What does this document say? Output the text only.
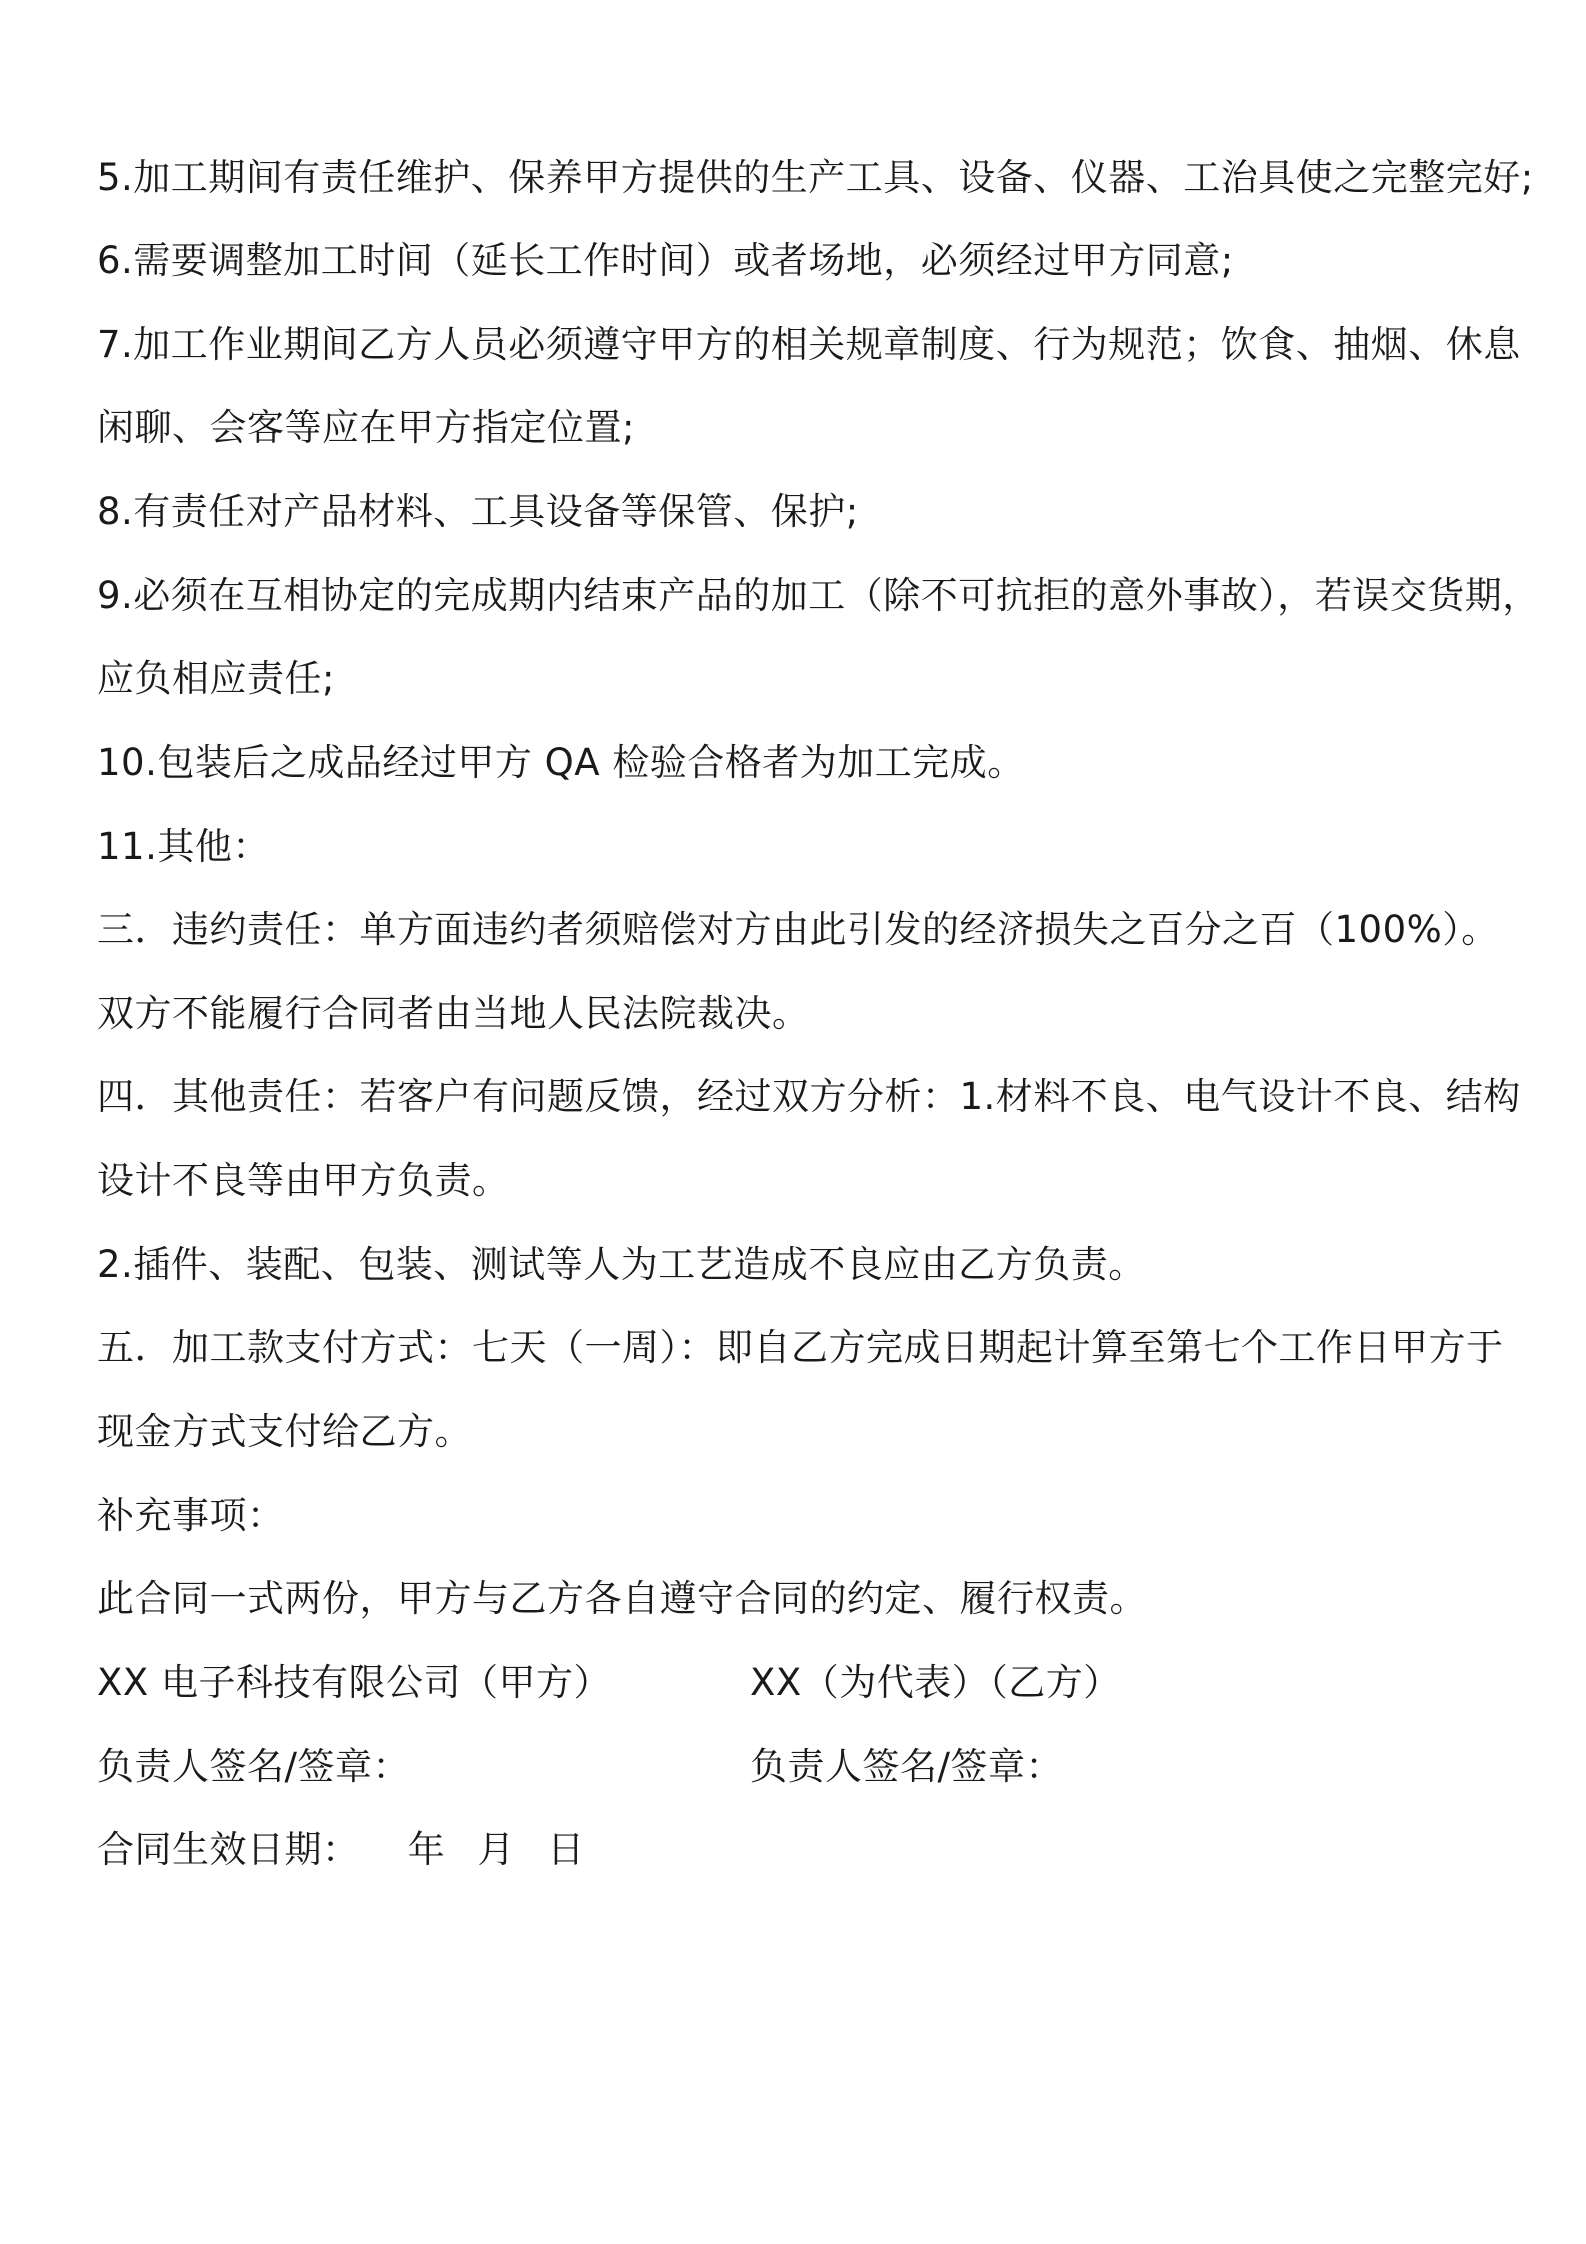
5.加工期间有责任维护、保养甲方提供的生产工具、设备、仪器、工治具使之完整完好;
6.需要调整加工时间（延长工作时间）或者场地，必须经过甲方同意;
7.加工作业期间乙方人员必须遵守甲方的相关规章制度、行为规范；饮食、抽烟、休息
闲聊、会客等应在甲方指定位置;
8.有责任对产品材料、工具设备等保管、保护;
9.必须在互相协定的完成期内结束产品的加工（除不可抗拒的意外事故），若误交货期，
应负相应责任;
10.包装后之成品经过甲方 QA 检验合格者为加工完成。
11.其他：
三．违约责任：单方面违约者须赔偿对方由此引发的经济损失之百分之百（100%）。
双方不能履行合同者由当地人民法院裁决。
四．其他责任：若客户有问题反馈，经过双方分析：1.材料不良、电气设计不良、结构
设计不良等由甲方负责。
2.插件、装配、包装、测试等人为工艺造成不良应由乙方负责。
五．加工款支付方式：七天（一周）：即自乙方完成日期起计算至第七个工作日甲方于
现金方式支付给乙方。
补充事项：
此合同一式两份，甲方与乙方各自遵守合同的约定、履行权责。
XX 电子科技有限公司（甲方）	XX（为代表）（乙方）
负责人签名/签章：	负责人签名/签章：
合同生效日期： 年 月 日
